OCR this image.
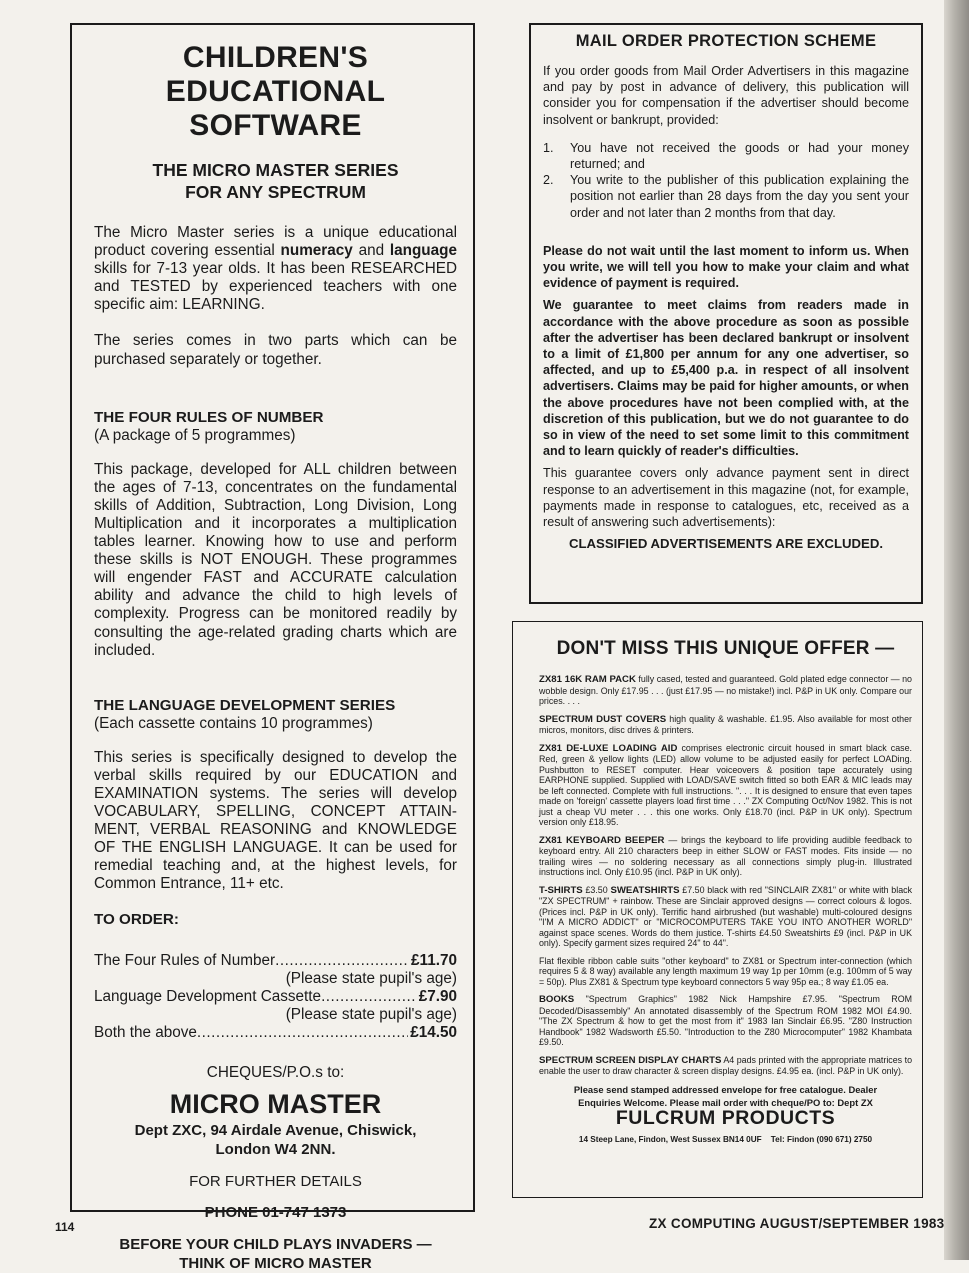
CHILDREN'S
EDUCATIONAL
SOFTWARE
THE MICRO MASTER SERIES
FOR ANY SPECTRUM

The Micro Master series is a unique educational product covering essential numeracy and language skills for 7-13 year olds. It has been RESEARCHED and TESTED by experienced teachers with one specific aim: LEARNING.

The series comes in two parts which can be purchased separately or together.

THE FOUR RULES OF NUMBER

(A package of 5 programmes)

This package, developed for ALL children between the ages of 7-13, concentrates on the fundamental skills of Addition, Subtraction, Long Division, Long Multiplication and it incorporates a multiplication tables learner. Knowing how to use and perform these skills is NOT ENOUGH. These programmes will engender FAST and ACCURATE calculation ability and advance the child to high levels of complexity. Progress can be monitored readily by consulting the age-related grading charts which are included.

THE LANGUAGE DEVELOPMENT SERIES

(Each cassette contains 10 programmes)

This series is specifically designed to develop the verbal skills required by our EDUCATION and EXAMINATION systems. The series will develop VOCABULARY, SPELLING, CONCEPT ATTAIN-MENT, VERBAL REASONING and KNOWLEDGE OF THE ENGLISH LANGUAGE. It can be used for remedial teaching and, at the highest levels, for Common Entrance, 11+ etc.

TO ORDER:

The Four Rules of Number .....	£11.70
(Please state pupil's age)
Language Development Cassette .....	£7.90
(Please state pupil's age)
Both the above .....	£14.50
CHEQUES/P.O.s to:
MICRO MASTER
Dept ZXC, 94 Airdale Avenue, Chiswick,
London W4 2NN.
FOR FURTHER DETAILS
PHONE 01-747 1373
BEFORE YOUR CHILD PLAYS INVADERS —
THINK OF MICRO MASTER
MAIL ORDER PROTECTION SCHEME

If you order goods from Mail Order Advertisers in this magazine and pay by post in advance of delivery, this publication will consider you for compensation if the advertiser should become insolvent or bankrupt, provided:

1.	You have not received the goods or had your money returned; and
2.	You write to the publisher of this publication explaining the position not earlier than 28 days from the day you sent your order and not later than 2 months from that day.

Please do not wait until the last moment to inform us. When you write, we will tell you how to make your claim and what evidence of payment is required.

We guarantee to meet claims from readers made in accordance with the above procedure as soon as possible after the advertiser has been declared bankrupt or insolvent to a limit of £1,800 per annum for any one advertiser, so affected, and up to £5,400 p.a. in respect of all insolvent advertisers. Claims may be paid for higher amounts, or when the above procedures have not been complied with, at the discretion of this publication, but we do not guarantee to do so in view of the need to set some limit to this commitment and to learn quickly of reader's difficulties.

This guarantee covers only advance payment sent in direct response to an advertisement in this magazine (not, for example, payments made in response to catalogues, etc, received as a result of answering such advertisements):

CLASSIFIED ADVERTISEMENTS ARE EXCLUDED.
DON'T MISS THIS UNIQUE OFFER —

ZX81 16K RAM PACK fully cased, tested and guaranteed. Gold plated edge connector — no wobble design. Only £17.95 . . . (just £17.95 — no mistake!) incl. P&P in UK only. Compare our prices. . . .

SPECTRUM DUST COVERS high quality & washable. £1.95. Also available for most other micros, monitors, disc drives & printers.

ZX81 DE-LUXE LOADING AID comprises electronic circuit housed in smart black case. Red, green & yellow lights (LED) allow volume to be adjusted easily for perfect LOADing. Pushbutton to RESET computer. Hear voiceovers & position tape accurately using EARPHONE supplied. Supplied with LOAD/SAVE switch fitted so both EAR & MIC leads may be left connected. Complete with full instructions. ". . . It is designed to ensure that even tapes made on 'foreign' cassette players load first time . . ." ZX Computing Oct/Nov 1982. This is not just a cheap VU meter . . . this one works. Only £18.70 (incl. P&P in UK only). Spectrum version only £18.95.

ZX81 KEYBOARD BEEPER — brings the keyboard to life providing audible feedback to keyboard entry. All 210 characters beep in either SLOW or FAST modes. Fits inside — no trailing wires — no soldering necessary as all connections simply plug-in. Illustrated instructions incl. Only £10.95 (incl. P&P in UK only).

T-SHIRTS £3.50 SWEATSHIRTS £7.50 black with red "SINCLAIR ZX81" or white with black "ZX SPECTRUM" + rainbow. These are Sinclair approved designs — correct colours & logos. (Prices incl. P&P in UK only). Terrific hand airbrushed (but washable) multi-coloured designs "I'M A MICRO ADDICT" or "MICROCOMPUTERS TAKE YOU INTO ANOTHER WORLD" against space scenes. Words do them justice. T-shirts £4.50 Sweatshirts £9 (incl. P&P in UK only). Specify garment sizes required 24" to 44".

Flat flexible ribbon cable suits "other keyboard" to ZX81 or Spectrum inter-connection (which requires 5 & 8 way) available any length maximum 19 way 1p per 10mm (e.g. 100mm of 5 way = 50p). Plus ZX81 & Spectrum type keyboard connectors 5 way 95p ea.; 8 way £1.05 ea.

BOOKS "Spectrum Graphics" 1982 Nick Hampshire £7.95. "Spectrum ROM Decoded/Disassembly" An annotated disassembly of the Spectrum ROM 1982 MOI £4.90. "The ZX Spectrum & how to get the most from it" 1983 Ian Sinclair £6.95. "Z80 Instruction Handbook" 1982 Wadsworth £5.50. "Introduction to the Z80 Microcomputer" 1982 Khambata £9.50.

SPECTRUM SCREEN DISPLAY CHARTS A4 pads printed with the appropriate matrices to enable the user to draw character & screen display designs. £4.95 ea. (incl. P&P in UK only).

Please send stamped addressed envelope for free catalogue. Dealer
Enquiries Welcome. Please mail order with cheque/PO to: Dept ZX
FULCRUM PRODUCTS
14 Steep Lane, Findon, West Sussex BN14 0UF Tel: Findon (090 671) 2750
114	ZX COMPUTING AUGUST/SEPTEMBER 1983
